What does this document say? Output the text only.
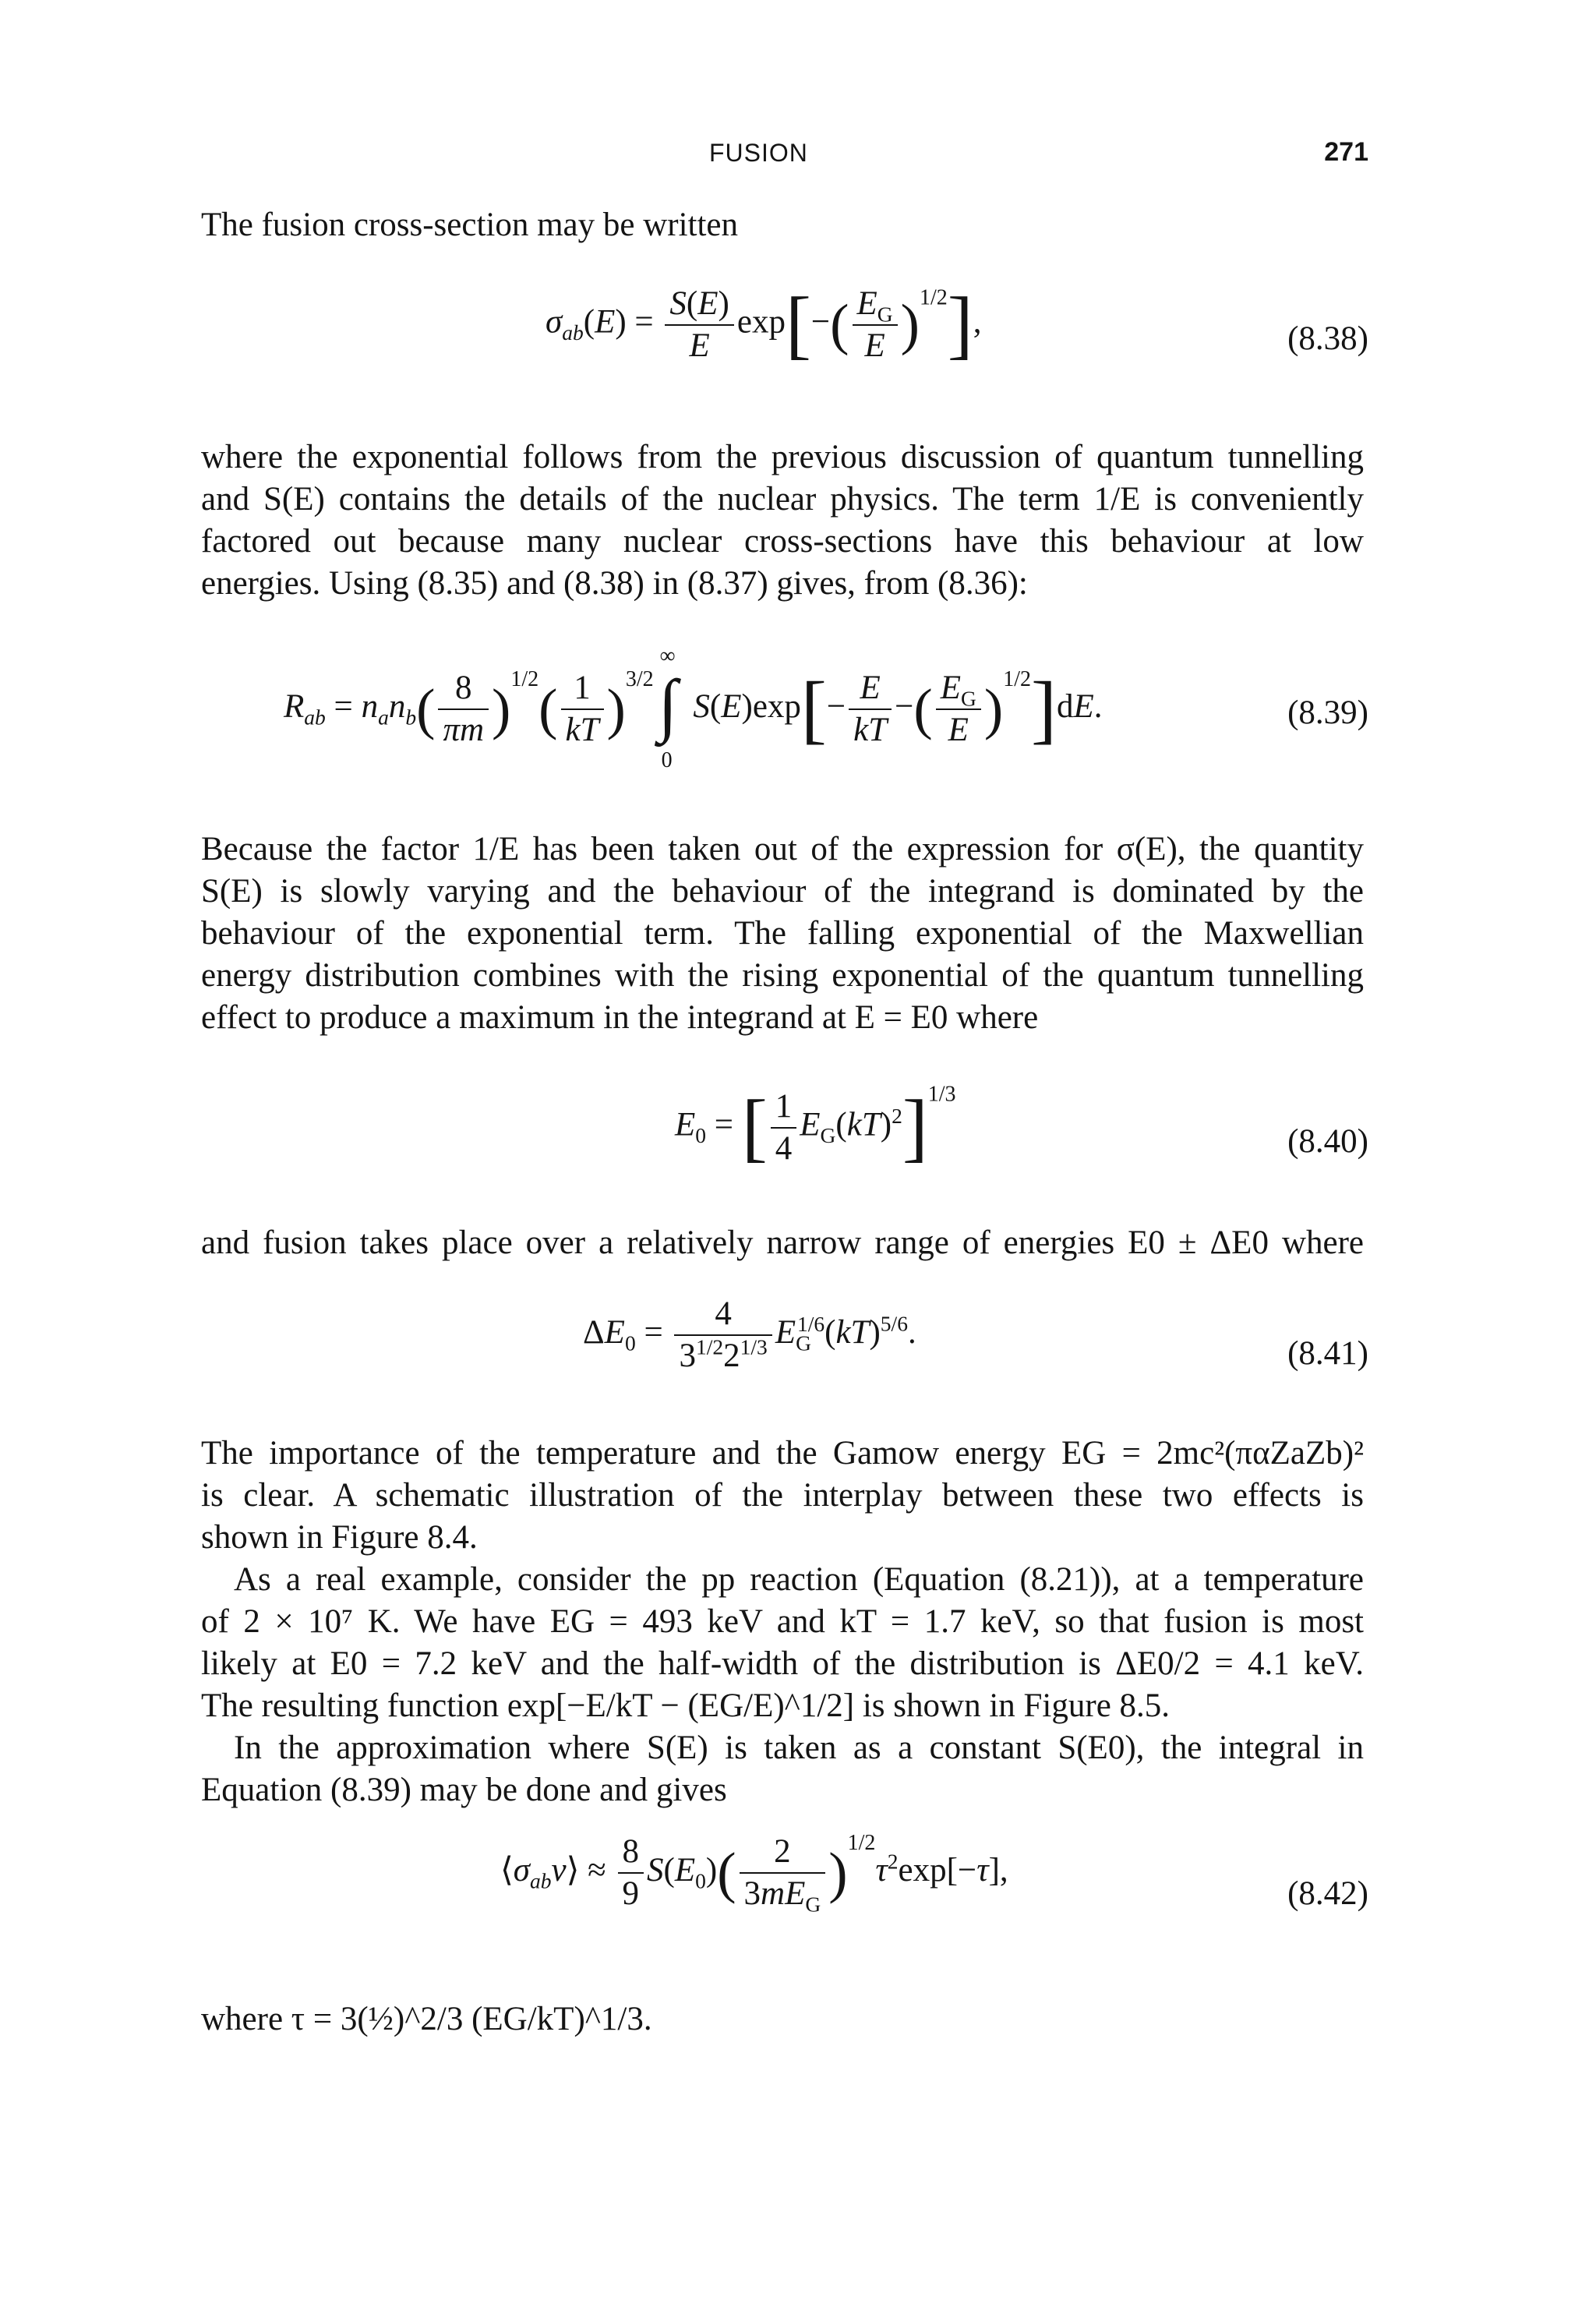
FUSION	271

The fusion cross-section may be written

$\sigma_{ab}(E) = \frac{S(E)}{E} \exp[-( \frac{E_G}{E} )^{1/2}]$,	(8.38)

where the exponential follows from the previous discussion of quantum tunnelling
and S(E) contains the details of the nuclear physics. The term 1/E is conveniently
factored out because many nuclear cross-sections have this behaviour at low
energies. Using (8.35) and (8.38) in (8.37) gives, from (8.36):

$R_{ab} = n_an_b( \frac{8}{\pi m} )^{1/2}( \frac{1}{kT} )^{3/2}$
∞
∫
0
$S(E)\exp[- \frac{E}{kT}$ −( $\frac{E_G}{E} )^{1/2}]dE$.	(8.39)

Because the factor 1/E has been taken out of the expression for σ(E), the quantity
S(E) is slowly varying and the behaviour of the integrand is dominated by the
behaviour of the exponential term. The falling exponential of the Maxwellian
energy distribution combines with the rising exponential of the quantum tunnelling
effect to produce a maximum in the integrand at E = E0 where

$E_0$ = [ $\frac{1}{4} E_G(kT)^2]^{1/3}$
(8.40)

and fusion takes place over a relatively narrow range of energies E0 ± ΔE0 where

$\Delta E_0 = \frac{4}{3^{1/2}2^{1/3}} E_G^{1/6}(kT)^{5/6}$.
(8.41)

The importance of the temperature and the Gamow energy EG = 2mc²(παZaZb)²
is clear. A schematic illustration of the interplay between these two effects is
shown in Figure 8.4.

As a real example, consider the pp reaction (Equation (8.21)), at a temperature
of 2 × 10⁷ K. We have EG = 493 keV and kT = 1.7 keV, so that fusion is most
likely at E0 = 7.2 keV and the half-width of the distribution is ΔE0/2 = 4.1 keV.
The resulting function exp[−E/kT − (EG/E)^1/2] is shown in Figure 8.5.

In the approximation where S(E) is taken as a constant S(E0), the integral in
Equation (8.39) may be done and gives

$⟨\sigma_{ab}v⟩ \approx \frac{8}{9} S(E_0)( \frac{2}{3mE_G} )^{1/2}\tau^2\exp[-\tau]$,
(8.42)

where τ = 3(½)^2/3 (EG/kT)^1/3.
